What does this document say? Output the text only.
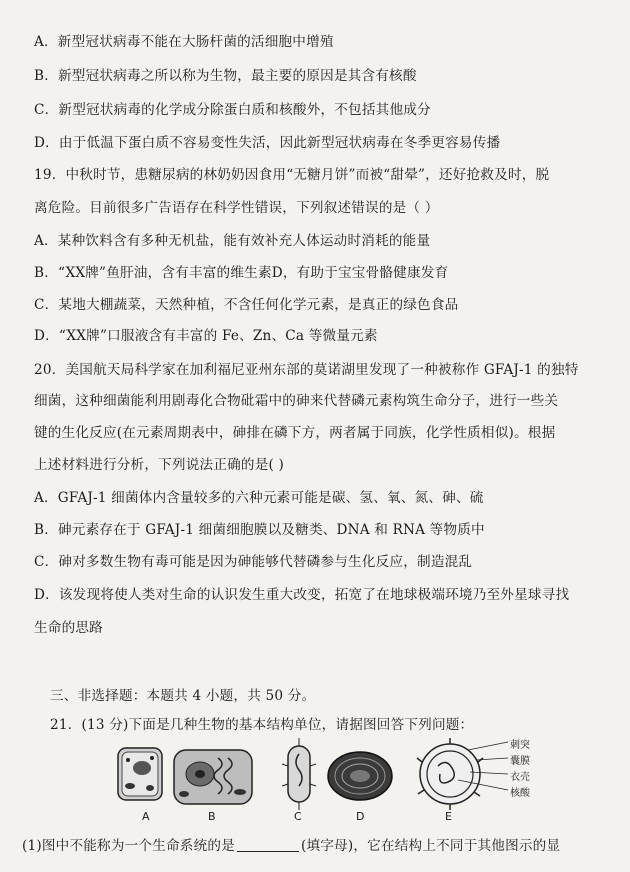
A．新型冠状病毒不能在大肠杆菌的活细胞中增殖
B．新型冠状病毒之所以称为生物，最主要的原因是其含有核酸
C．新型冠状病毒的化学成分除蛋白质和核酸外，不包括其他成分
D．由于低温下蛋白质不容易变性失活，因此新型冠状病毒在冬季更容易传播
19．中秋时节，患糖尿病的林奶奶因食用“无糖月饼”而被“甜晕”，还好抢救及时，脱
离危险。目前很多广告语存在科学性错误，下列叙述错误的是（ ）
A．某种饮料含有多种无机盐，能有效补充人体运动时消耗的能量
B．“XX牌”鱼肝油，含有丰富的维生素D，有助于宝宝骨骼健康发育
C．某地大棚蔬菜，天然种植，不含任何化学元素，是真正的绿色食品
D．“XX牌”口服液含有丰富的 Fe、Zn、Ca 等微量元素
20．美国航天局科学家在加利福尼亚州东部的莫诺湖里发现了一种被称作 GFAJ-1 的独特
细菌，这种细菌能利用剧毒化合物砒霜中的砷来代替磷元素构筑生命分子，进行一些关
键的生化反应(在元素周期表中，砷排在磷下方，两者属于同族，化学性质相似)。根据
上述材料进行分析，下列说法正确的是( )
A．GFAJ-1 细菌体内含量较多的六种元素可能是碳、氢、氧、氮、砷、硫
B．砷元素存在于 GFAJ-1 细菌细胞膜以及糖类、DNA 和 RNA 等物质中
C．砷对多数生物有毒可能是因为砷能够代替磷参与生化反应，制造混乱
D．该发现将使人类对生命的认识发生重大改变，拓宽了在地球极端环境乃至外星球寻找
生命的思路
三、非选择题：本题共 4 小题，共 50 分。
21．(13 分)下面是几种生物的基本结构单位，请据图回答下列问题：
A	B	C	D	E
刺突
囊膜
衣壳
核酸
(1)图中不能称为一个生命系统的是	(填字母)，它在结构上不同于其他图示的显
